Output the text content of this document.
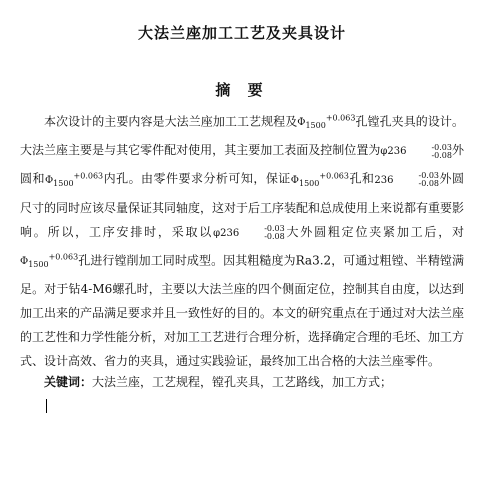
大法兰座加工工艺及夹具设计
摘 要
本次设计的主要内容是大法兰座加工工艺规程及$\Phi_{1500}^{+0.063}$孔镗孔夹具的设计。大法兰座主要是与其它零件配对使用，其主要加工表面及控制位置为φ236	-0.03
-0.08 外圆和$\Phi_{1500}^{+0.063}$内孔。由零件要求分析可知，保证$\Phi_{1500}^{+0.063}$孔和236	-0.03
-0.08 外圆尺寸的同时应该尽量保证其同轴度，这对于后工序装配和总成使用上来说都有重要影响。所以，工序安排时，采取以φ236	-0.03
-0.08 大外圆粗定位夹紧加工后，对$\Phi_{1500}^{+0.063}$孔进行镗削加工同时成型。因其粗糙度为Ra3.2，可通过粗镗、半精镗满足。对于钻4-M6螺孔时，主要以大法兰座的四个侧面定位，控制其自由度，以达到加工出来的产品满足要求并且一致性好的目的。本文的研究重点在于通过对大法兰座的工艺性和力学性能分析，对加工工艺进行合理分析，选择确定合理的毛坯、加工方式、设计高效、省力的夹具，通过实践验证，最终加工出合格的大法兰座零件。
关键词：大法兰座，工艺规程，镗孔夹具，工艺路线，加工方式；
